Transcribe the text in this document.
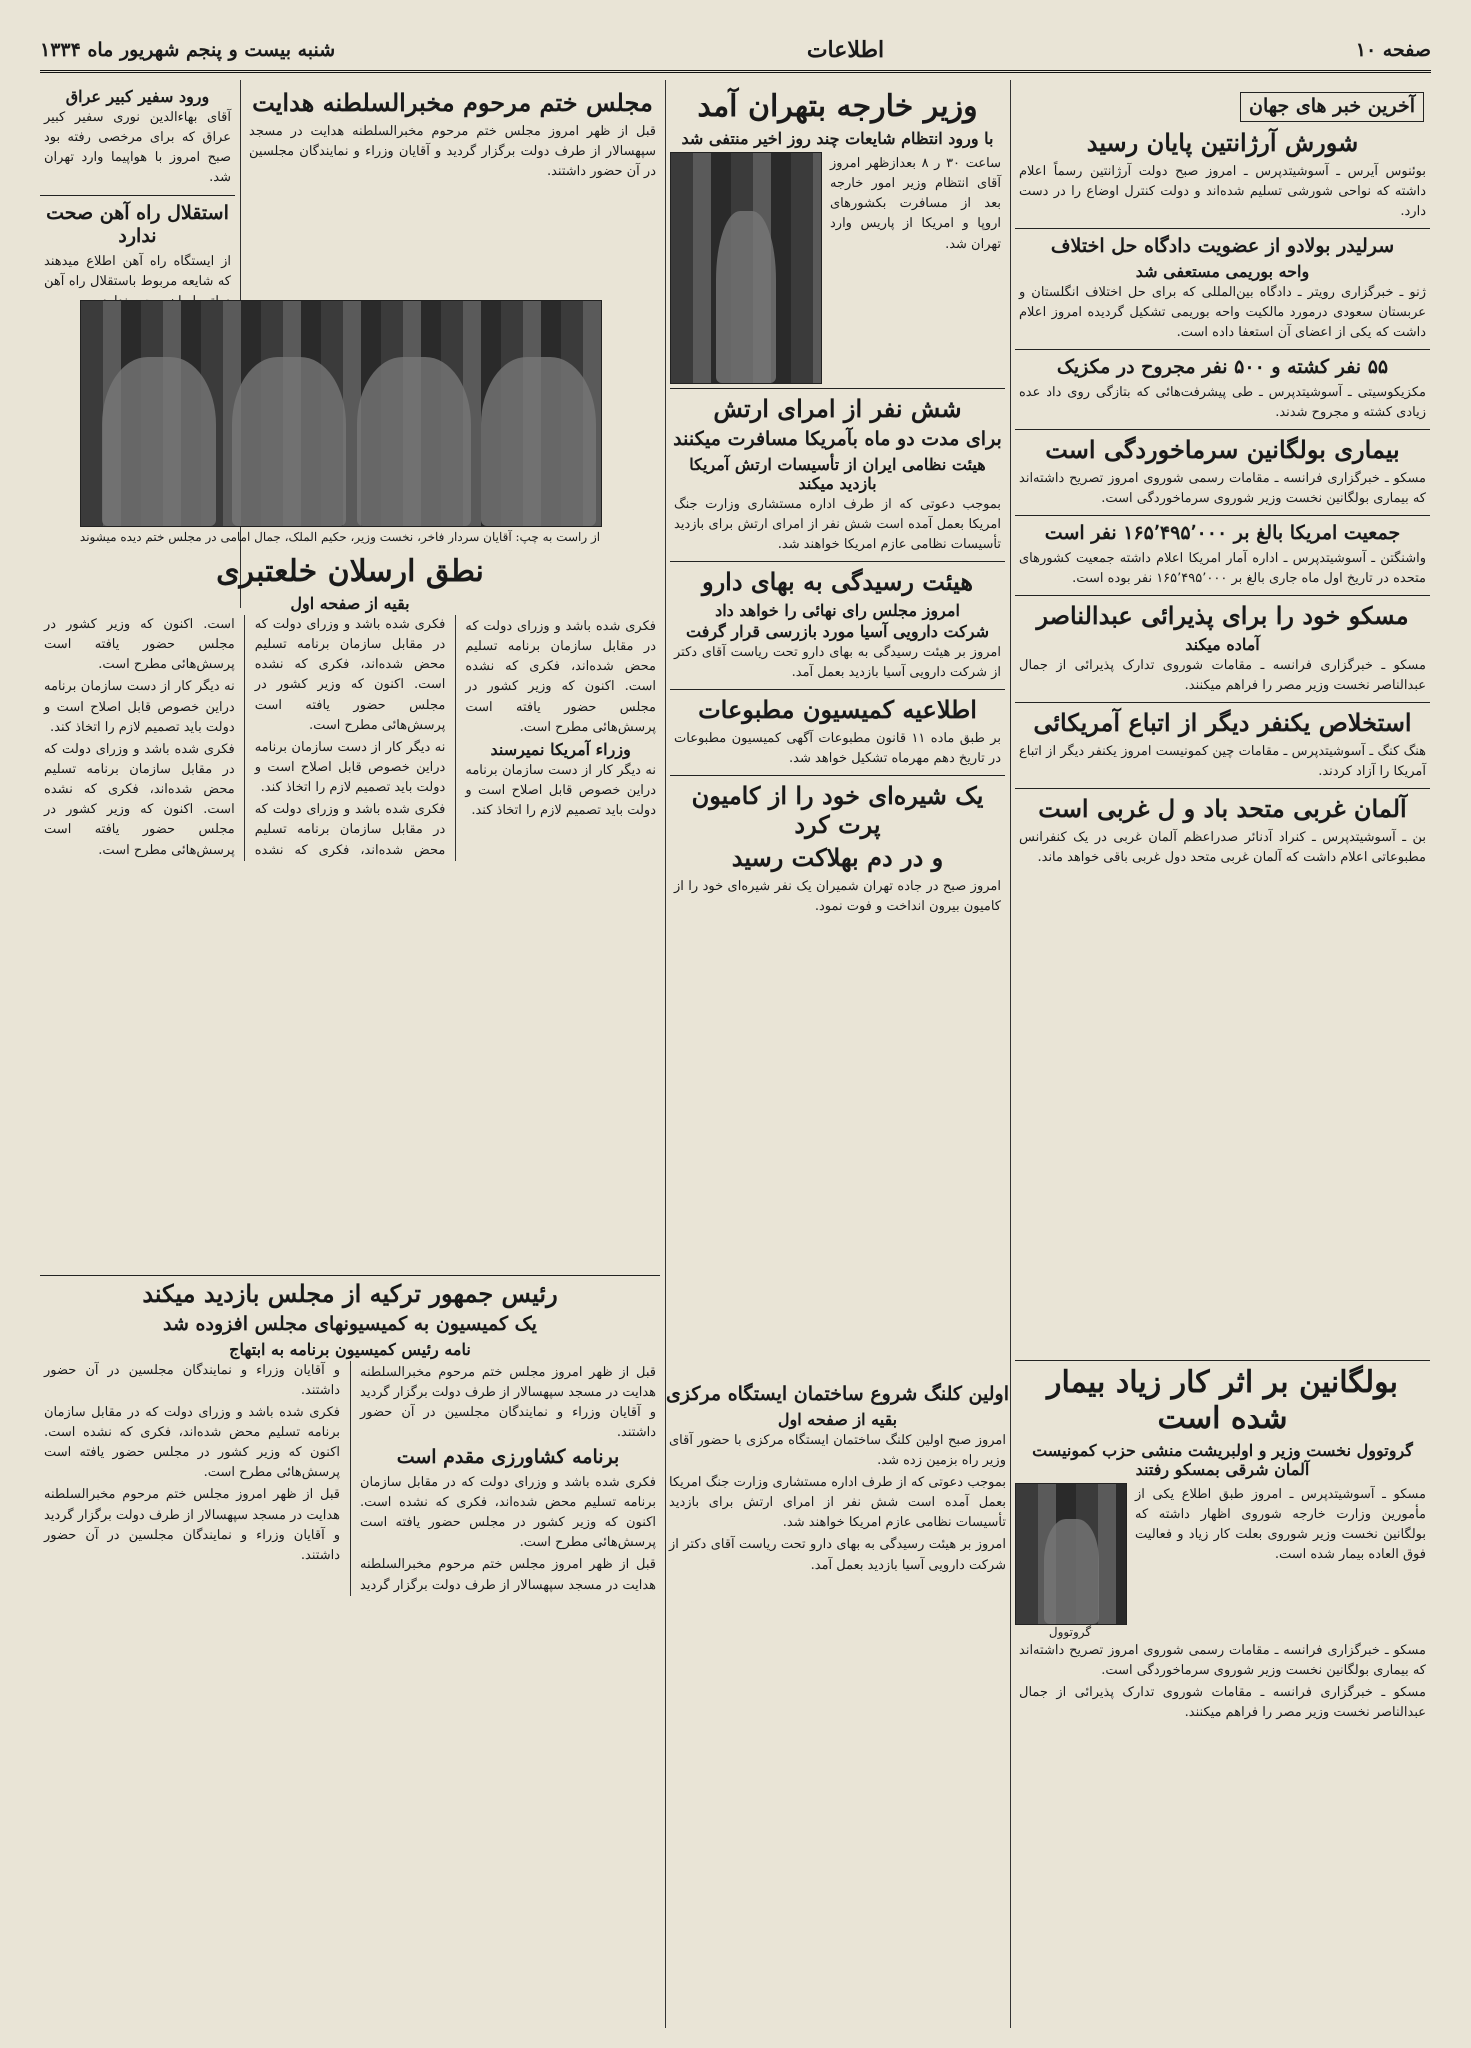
صفحه ۱۰
اطلاعات
شنبه بیست و پنجم شهریور ماه ۱۳۳۴
آخرین خبر های جهان
شورش آرژانتین پایان رسید
بوئنوس آیرس ـ آسوشیتدپرس ـ امروز صبح دولت آرژانتین رسماً اعلام داشته که نواحی شورشی تسلیم شده‌اند و دولت کنترل اوضاع را در دست دارد.
سرلیدر بولادو از عضویت دادگاه حل اختلاف
واحه بوریمی مستعفی شد
ژنو ـ خبرگزاری رویتر ـ دادگاه بین‌المللی که برای حل اختلاف انگلستان و عربستان سعودی درمورد مالکیت واحه بوریمی تشکیل گردیده امروز اعلام داشت که یکی از اعضای آن استعفا داده است.
۵۵ نفر کشته و ۵۰۰ نفر مجروح در مکزیک
مکزیکوسیتی ـ آسوشیتدپرس ـ طی پیشرفت‌هائی که بتازگی روی داد عده زیادی کشته و مجروح شدند.
بیماری بولگانین سرماخوردگی است
مسکو ـ خبرگزاری فرانسه ـ مقامات رسمی شوروی امروز تصریح داشته‌اند که بیماری بولگانین نخست وزیر شوروی سرماخوردگی است.
جمعیت امریکا بالغ بر ۱۶۵٬۴۹۵٬۰۰۰ نفر است
واشنگتن ـ آسوشیتدپرس ـ اداره آمار امریکا اعلام داشته جمعیت کشورهای متحده در تاریخ اول ماه جاری بالغ بر ۱۶۵٬۴۹۵٬۰۰۰ نفر بوده است.
مسکو خود را برای پذیرائی عبدالناصر
آماده میکند
مسکو ـ خبرگزاری فرانسه ـ مقامات شوروی تدارک پذیرائی از جمال عبدالناصر نخست وزیر مصر را فراهم میکنند.
استخلاص یکنفر دیگر از اتباع آمریکائی
هنگ کنگ ـ آسوشیتدپرس ـ مقامات چین کمونیست امروز یکنفر دیگر از اتباع آمریکا را آزاد کردند.
آلمان غربی متحد باد و ل غربی است
بن ـ آسوشیتدپرس ـ کنراد آدنائر صدراعظم آلمان غربی در یک کنفرانس مطبوعاتی اعلام داشت که آلمان غربی متحد دول غربی باقی خواهد ماند.
وزیر خارجه بتهران آمد
با ورود انتظام شایعات چند روز اخیر منتفی شد
ساعت ۳۰ ر ۸ بعدازظهر امروز آقای انتظام وزیر امور خارجه بعد از مسافرت بکشورهای اروپا و امریکا از پاریس وارد تهران شد.
شش نفر از امرای ارتش
برای مدت دو ماه بآمریکا مسافرت میکنند
هیئت نظامی ایران از تأسیسات ارتش آمریکا بازدید میکند
بموجب دعوتی که از طرف اداره مستشاری وزارت جنگ امریکا بعمل آمده است شش نفر از امرای ارتش برای بازدید تأسیسات نظامی عازم امریکا خواهند شد.
هیئت رسیدگی به بهای دارو
امروز مجلس رای نهائی را خواهد داد
شرکت دارویی آسیا مورد بازرسی قرار گرفت
امروز بر هیئت رسیدگی به بهای دارو تحت ریاست آقای دکتر از شرکت دارویی آسیا بازدید بعمل آمد.
اطلاعیه کمیسیون مطبوعات
بر طبق ماده ۱۱ قانون مطبوعات آگهی کمیسیون مطبوعات در تاریخ دهم مهرماه تشکیل خواهد شد.
یک شیره‌ای خود را از کامیون پرت کرد
و در دم بهلاکت رسید
امروز صبح در جاده تهران شمیران یک نفر شیره‌ای خود را از کامیون بیرون انداخت و فوت نمود.
مجلس ختم مرحوم مخبرالسلطنه هدایت
قبل از ظهر امروز مجلس ختم مرحوم مخبرالسلطنه هدایت در مسجد سپهسالار از طرف دولت برگزار گردید و آقایان وزراء و نمایندگان مجلسین در آن حضور داشتند.
ورود سفیر کبیر عراق
آقای بهاءالدین نوری سفیر کبیر عراق که برای مرخصی رفته بود صبح امروز با هواپیما وارد تهران شد.
استقلال راه آهن صحت ندارد
از ایستگاه راه آهن اطلاع میدهند که شایعه مربوط باستقلال راه آهن
از راست به چپ: آقایان سردار فاخر، نخست وزیر، حکیم الملک، جمال امامی در مجلس ختم دیده میشوند
نطق ارسلان خلعتبری
بقیه از صفحه اول
فکری شده باشد و وزرای دولت که در مقابل سازمان برنامه تسلیم محض شده‌اند، فکری که نشده است. اکنون که وزیر کشور در مجلس حضور یافته است پرسش‌هائی مطرح است.
وزراء آمریکا نمیرسند
نه دیگر کار از دست سازمان برنامه دراین خصوص قابل اصلاح است و دولت باید تصمیم لازم را اتخاذ کند.
فکری شده باشد و وزرای دولت که در مقابل سازمان برنامه تسلیم محض شده‌اند، فکری که نشده است. اکنون که وزیر کشور در مجلس حضور یافته است پرسش‌هائی مطرح است.
نه دیگر کار از دست سازمان برنامه دراین خصوص قابل اصلاح است و دولت باید تصمیم لازم را اتخاذ کند.
فکری شده باشد و وزرای دولت که در مقابل سازمان برنامه تسلیم محض شده‌اند، فکری که نشده است. اکنون که وزیر کشور در مجلس حضور یافته است پرسش‌هائی مطرح است.
نه دیگر کار از دست سازمان برنامه دراین خصوص قابل اصلاح است و دولت باید تصمیم لازم را اتخاذ کند.
فکری شده باشد و وزرای دولت که در مقابل سازمان برنامه تسلیم محض شده‌اند، فکری که نشده است. اکنون که وزیر کشور در مجلس حضور یافته است پرسش‌هائی مطرح است.
رئیس جمهور ترکیه از مجلس بازدید میکند
یک کمیسیون به کمیسیونهای مجلس افزوده شد
نامه رئیس کمیسیون برنامه به ابتهاج
قبل از ظهر امروز مجلس ختم مرحوم مخبرالسلطنه هدایت در مسجد سپهسالار از طرف دولت برگزار گردید و آقایان وزراء و نمایندگان مجلسین در آن حضور داشتند.
برنامه کشاورزی مقدم است
فکری شده باشد و وزرای دولت که در مقابل سازمان برنامه تسلیم محض شده‌اند، فکری که نشده است. اکنون که وزیر کشور در مجلس حضور یافته است پرسش‌هائی مطرح است.
قبل از ظهر امروز مجلس ختم مرحوم مخبرالسلطنه هدایت در مسجد سپهسالار از طرف دولت برگزار گردید و آقایان وزراء و نمایندگان مجلسین در آن حضور داشتند.
فکری شده باشد و وزرای دولت که در مقابل سازمان برنامه تسلیم محض شده‌اند، فکری که نشده است. اکنون که وزیر کشور در مجلس حضور یافته است پرسش‌هائی مطرح است.
قبل از ظهر امروز مجلس ختم مرحوم مخبرالسلطنه هدایت در مسجد سپهسالار از طرف دولت برگزار گردید و آقایان وزراء و نمایندگان مجلسین در آن حضور داشتند.
اولین کلنگ شروع ساختمان ایستگاه مرکزی
بقیه از صفحه اول
امروز صبح اولین کلنگ ساختمان ایستگاه مرکزی با حضور آقای وزیر راه بزمین زده شد.
بموجب دعوتی که از طرف اداره مستشاری وزارت جنگ امریکا بعمل آمده است شش نفر از امرای ارتش برای بازدید تأسیسات نظامی عازم امریکا خواهند شد.
امروز بر هیئت رسیدگی به بهای دارو تحت ریاست آقای دکتر از شرکت دارویی آسیا بازدید بعمل آمد.
بولگانین بر اثر کار زیاد بیمار شده است
گروتوول نخست وزیر و اولبریشت منشی حزب کمونیست آلمان شرقی بمسکو رفتند
مسکو ـ آسوشیتدپرس ـ امروز طبق اطلاع یکی از مأمورین وزارت خارجه شوروی اظهار داشته که بولگانین نخست وزیر شوروی بعلت کار زیاد و فعالیت فوق العاده بیمار شده است.
گروتوول
مسکو ـ خبرگزاری فرانسه ـ مقامات رسمی شوروی امروز تصریح داشته‌اند که بیماری بولگانین نخست وزیر شوروی سرماخوردگی است.
مسکو ـ خبرگزاری فرانسه ـ مقامات شوروی تدارک پذیرائی از جمال عبدالناصر نخست وزیر مصر را فراهم میکنند.
